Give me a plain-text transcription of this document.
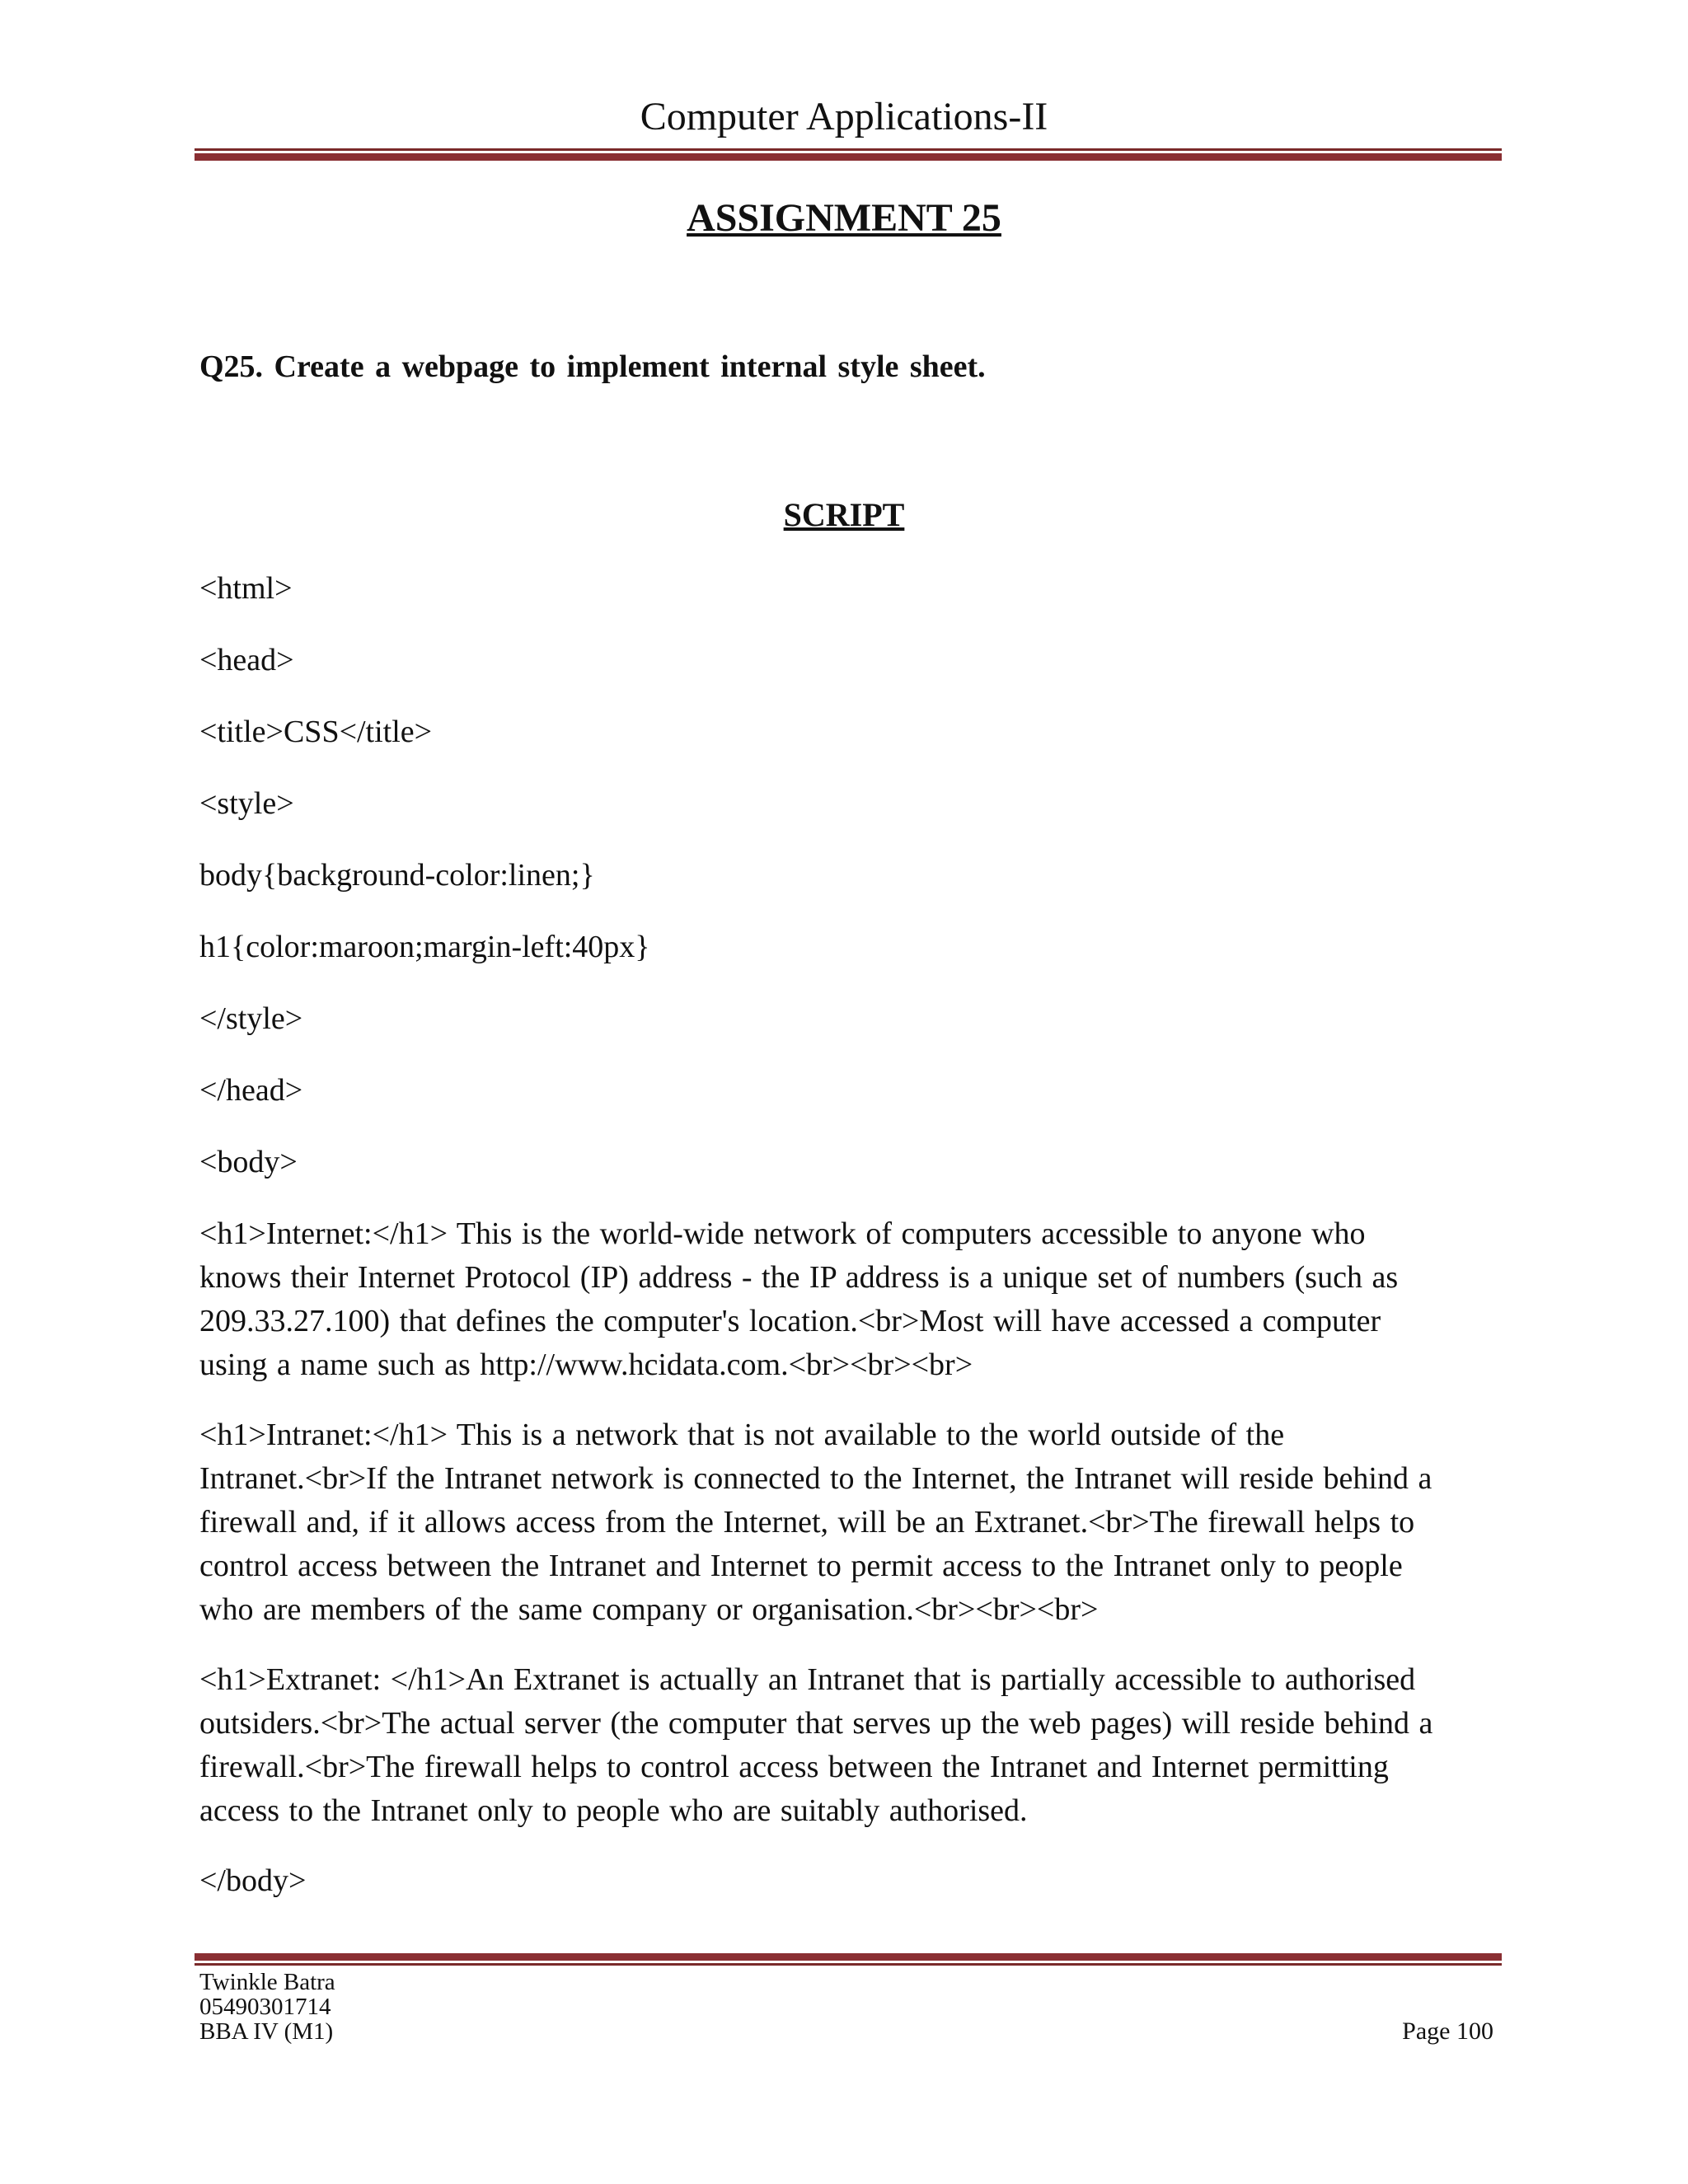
Computer Applications-II
ASSIGNMENT 25
Q25. Create a webpage to implement internal style sheet.
SCRIPT
<html>
<head>
<title>CSS</title>
<style>
body{background-color:linen;}
h1{color:maroon;margin-left:40px}
</style>
</head>
<body>
<h1>Internet:</h1> This is the world-wide network of computers accessible to anyone who
knows their Internet Protocol (IP) address - the IP address is a unique set of numbers (such as
209.33.27.100) that defines the computer's location.<br>Most will have accessed a computer
using a name such as http://www.hcidata.com.<br><br><br>
<h1>Intranet:</h1> This is a network that is not available to the world outside of the
Intranet.<br>If the Intranet network is connected to the Internet, the Intranet will reside behind a
firewall and, if it allows access from the Internet, will be an Extranet.<br>The firewall helps to
control access between the Intranet and Internet to permit access to the Intranet only to people
who are members of the same company or organisation.<br><br><br>
<h1>Extranet: </h1>An Extranet is actually an Intranet that is partially accessible to authorised
outsiders.<br>The actual server (the computer that serves up the web pages) will reside behind a
firewall.<br>The firewall helps to control access between the Intranet and Internet permitting
access to the Intranet only to people who are suitably authorised.
</body>
Twinkle Batra
05490301714
BBA IV (M1)	Page 100
